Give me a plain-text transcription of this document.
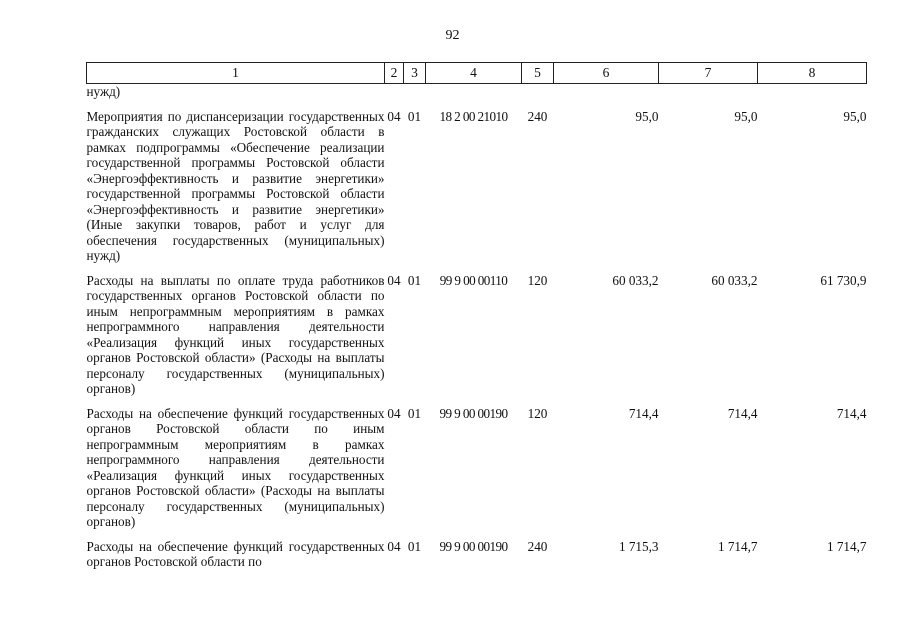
92
1	2	3	4	5	6	7	8
нужд)							
Мероприятия по диспансеризации государственных гражданских служащих Ростовской области в рамках подпрограммы «Обеспечение реализации государственной программы Ростовской области «Энергоэффективность и развитие энергетики» государственной программы Ростовской области «Энергоэффективность и развитие энергетики» (Иные закупки товаров, работ и услуг для обеспечения государственных (муниципальных) нужд)	04	01	18 2 00 21010	240	95,0	95,0	95,0
Расходы на выплаты по оплате труда работников государственных органов Ростовской области по иным непрограммным мероприятиям в рамках непрограммного направления деятельности «Реализация функций иных государственных органов Ростовской области» (Расходы на выплаты персоналу государственных (муниципальных) органов)	04	01	99 9 00 00110	120	60 033,2	60 033,2	61 730,9
Расходы на обеспечение функций государственных органов Ростовской области по иным непрограммным мероприятиям в рамках непрограммного направления деятельности «Реализация функций иных государственных органов Ростовской области» (Расходы на выплаты персоналу государственных (муниципальных) органов)	04	01	99 9 00 00190	120	714,4	714,4	714,4
Расходы на обеспечение функций государственных органов Ростовской области по	04	01	99 9 00 00190	240	1 715,3	1 714,7	1 714,7
